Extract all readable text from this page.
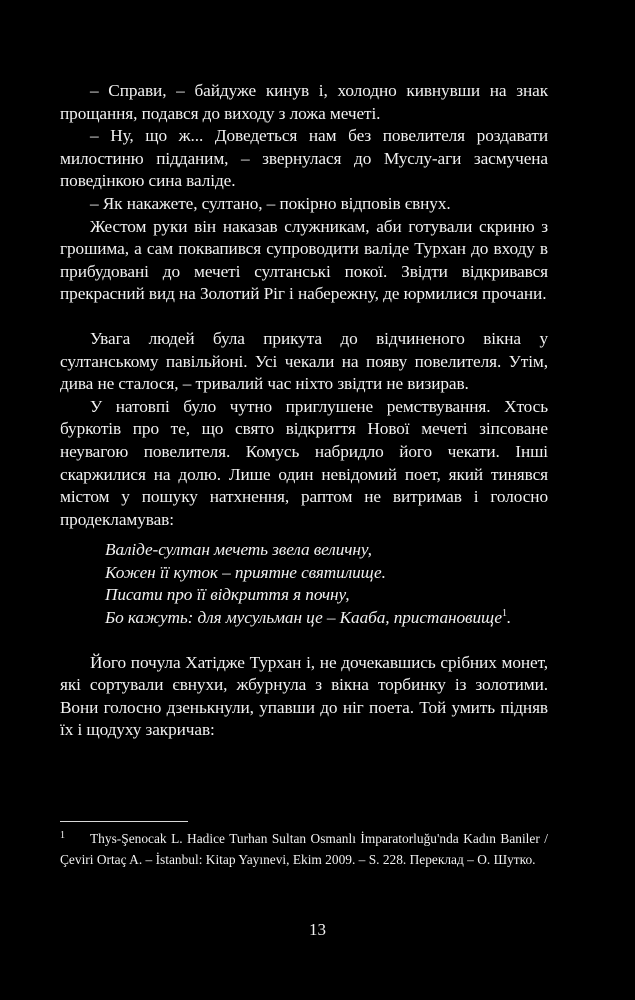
– Справи, – байдуже кинув і, холодно кивнувши на знак прощання, подався до виходу з ложа мечеті.

– Ну, що ж... Доведеться нам без повелителя роздавати милостиню підданим, – звернулася до Муслу-аги засмучена поведінкою сина валіде.

– Як накажете, султано, – покірно відповів євнух.

Жестом руки він наказав служникам, аби готували скриню з грошима, а сам поквапився супроводити валіде Турхан до входу в прибудовані до мечеті султанські покої. Звідти відкривався прекрасний вид на Золотий Ріг і набережну, де юрмилися прочани.

Увага людей була прикута до відчиненого вікна у султанському павільйоні. Усі чекали на появу повелителя. Утім, дива не сталося, – тривалий час ніхто звідти не визирав.

У натовпі було чутно приглушене ремствування. Хтось буркотів про те, що свято відкриття Нової мечеті зіпсоване неувагою повелителя. Комусь набридло його чекати. Інші скаржилися на долю. Лише один невідомий поет, який тинявся містом у пошуку натхнення, раптом не витримав і голосно продекламував:

Валіде-султан мечеть звела величну,
Кожен її куток – приятне святилище.
Писати про її відкриття я почну,
Бо кажуть: для мусульман це – Кааба, пристановище$^1$.

Його почула Хатідже Турхан і, не дочекавшись срібних монет, які сортували євнухи, жбурнула з вікна торбинку із золотими. Вони голосно дзенькнули, упавши до ніг поета. Той умить підняв їх і щодуху закричав:

1 Thys-Şenocak L. Hadice Turhan Sultan Osmanlı İmparatorluğu'nda Kadın Baniler / Çeviri Ortaç A. – İstanbul: Kitap Yayınevi, Ekim 2009. – S. 228. Переклад – О. Шутко.
13
